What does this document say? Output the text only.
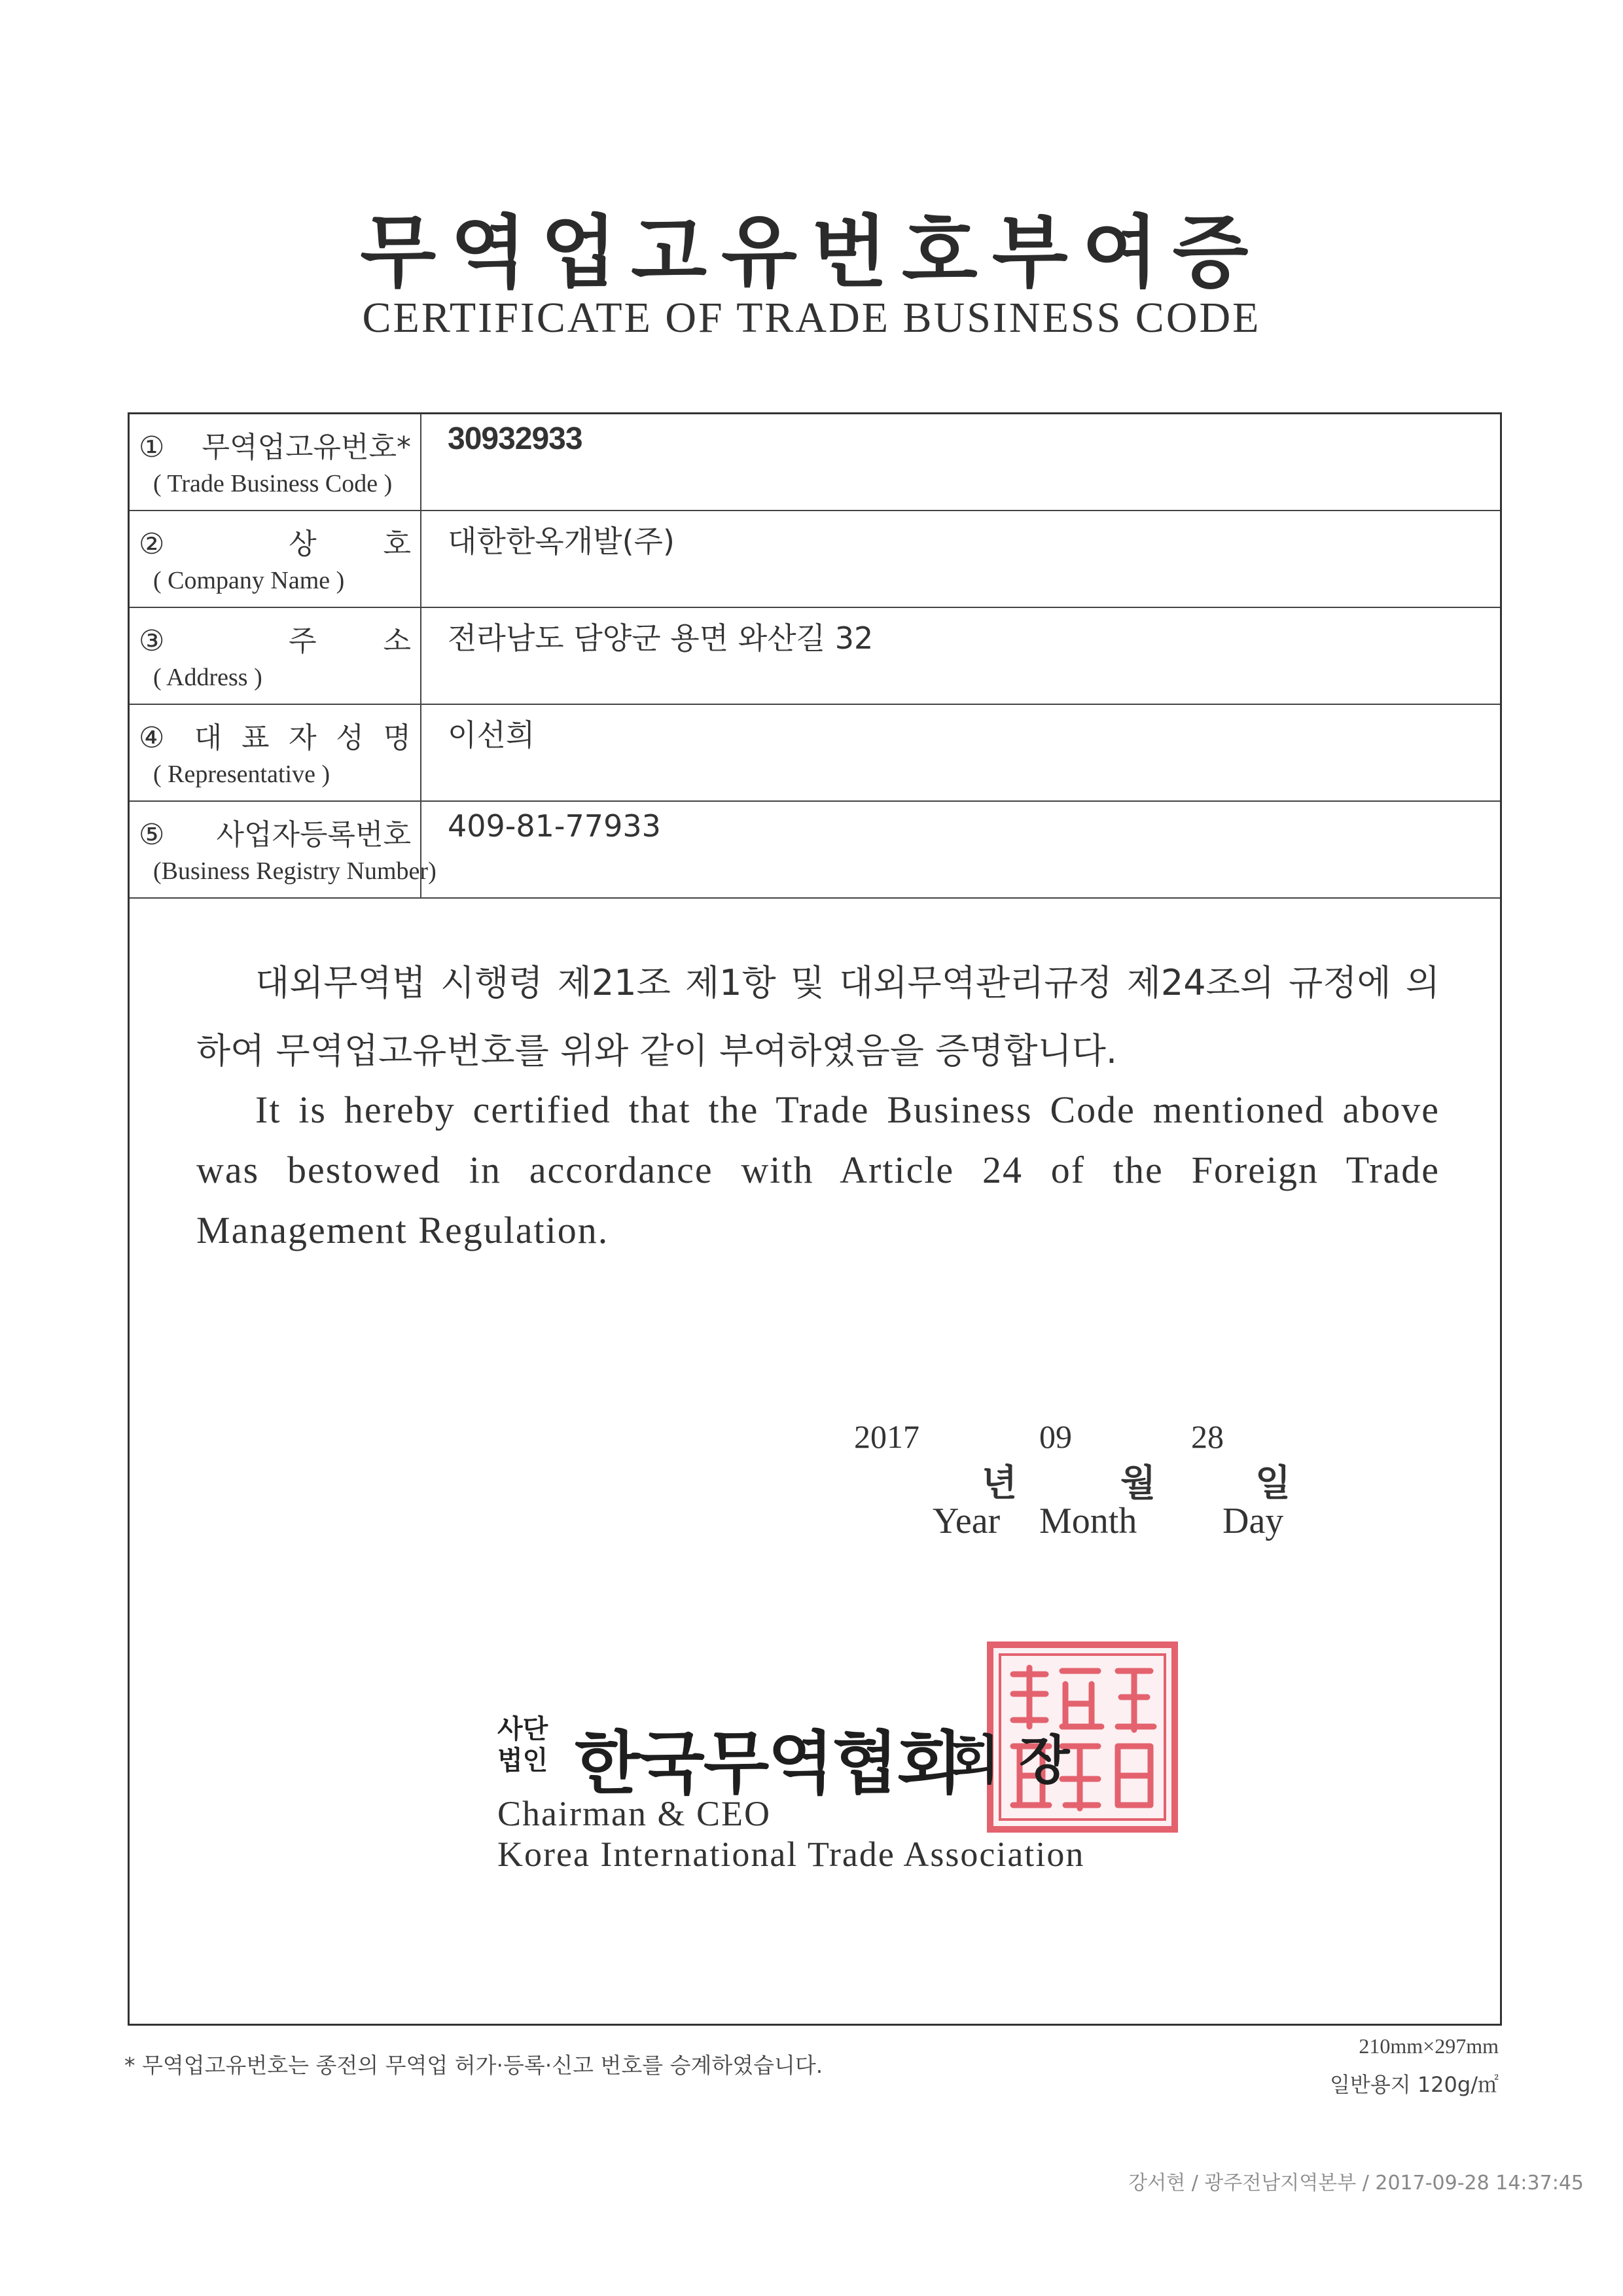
무역업고유번호부여증
CERTIFICATE OF TRADE BUSINESS CODE
① 무역업고유번호*
( Trade Business Code )	30932933

② 상 호
( Company Name )	대한한옥개발(주)

③ 주 소
( Address )	전라남도 담양군 용면 와산길 32

④ 대 표 자 성 명
( Representative )	이선희

⑤ 사업자등록번호
(Business Registry Number)	409-81-77933
대외무역법 시행령 제21조 제1항 및 대외무역관리규정 제24조의 규정에 의하여 무역업고유번호를 위와 같이 부여하였음을 증명합니다.
It is hereby certified that the Trade Business Code mentioned above was bestowed in accordance with Article 24 of the Foreign Trade Management Regulation.
2017	09	28
년	월	일
Year Month Day
사단
법인 한국무역협회
회장
Chairman & CEO
Korea International Trade Association
* 무역업고유번호는 종전의 무역업 허가·등록·신고 번호를 승계하였습니다.
210mm×297mm
일반용지 120g/㎡
강서현 / 광주전남지역본부 / 2017-09-28 14:37:45
